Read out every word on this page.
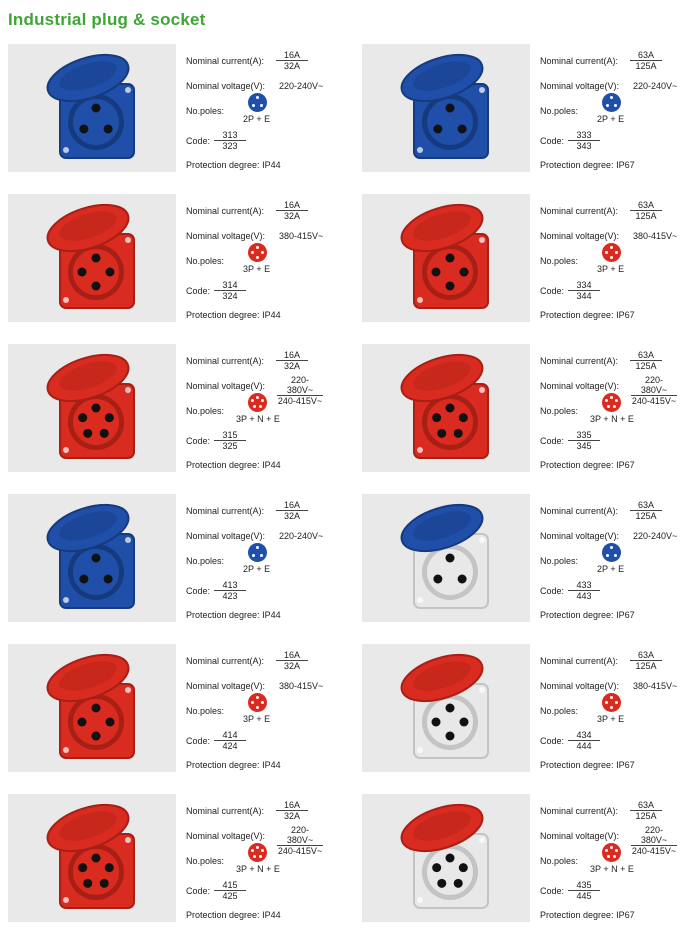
Industrial plug & socket
Nominal current(A): $\frac{16A}{32A}$
Nominal voltage(V): 220-240V~
No.poles:
2P + E
Code: $\frac{313}{323}$
Protection degree: IP44
Nominal current(A): $\frac{63A}{125A}$
Nominal voltage(V): 220-240V~
No.poles:
2P + E
Code: $\frac{333}{343}$
Protection degree: IP67
Nominal current(A): $\frac{16A}{32A}$
Nominal voltage(V): 380-415V~
No.poles:
3P + E
Code: $\frac{314}{324}$
Protection degree: IP44
Nominal current(A): $\frac{63A}{125A}$
Nominal voltage(V): 380-415V~
No.poles:
3P + E
Code: $\frac{334}{344}$
Protection degree: IP67
Nominal current(A): $\frac{16A}{32A}$
Nominal voltage(V): $\frac{220-380V\sim}{240-415V\sim}$
No.poles:
3P + N + E
Code: $\frac{315}{325}$
Protection degree: IP44
Nominal current(A): $\frac{63A}{125A}$
Nominal voltage(V): $\frac{220-380V\sim}{240-415V\sim}$
No.poles:
3P + N + E
Code: $\frac{335}{345}$
Protection degree: IP67
Nominal current(A): $\frac{16A}{32A}$
Nominal voltage(V): 220-240V~
No.poles:
2P + E
Code: $\frac{413}{423}$
Protection degree: IP44
Nominal current(A): $\frac{63A}{125A}$
Nominal voltage(V): 220-240V~
No.poles:
2P + E
Code: $\frac{433}{443}$
Protection degree: IP67
Nominal current(A): $\frac{16A}{32A}$
Nominal voltage(V): 380-415V~
No.poles:
3P + E
Code: $\frac{414}{424}$
Protection degree: IP44
Nominal current(A): $\frac{63A}{125A}$
Nominal voltage(V): 380-415V~
No.poles:
3P + E
Code: $\frac{434}{444}$
Protection degree: IP67
Nominal current(A): $\frac{16A}{32A}$
Nominal voltage(V): $\frac{220-380V\sim}{240-415V\sim}$
No.poles:
3P + N + E
Code: $\frac{415}{425}$
Protection degree: IP44
Nominal current(A): $\frac{63A}{125A}$
Nominal voltage(V): $\frac{220-380V\sim}{240-415V\sim}$
No.poles:
3P + N + E
Code: $\frac{435}{445}$
Protection degree: IP67
